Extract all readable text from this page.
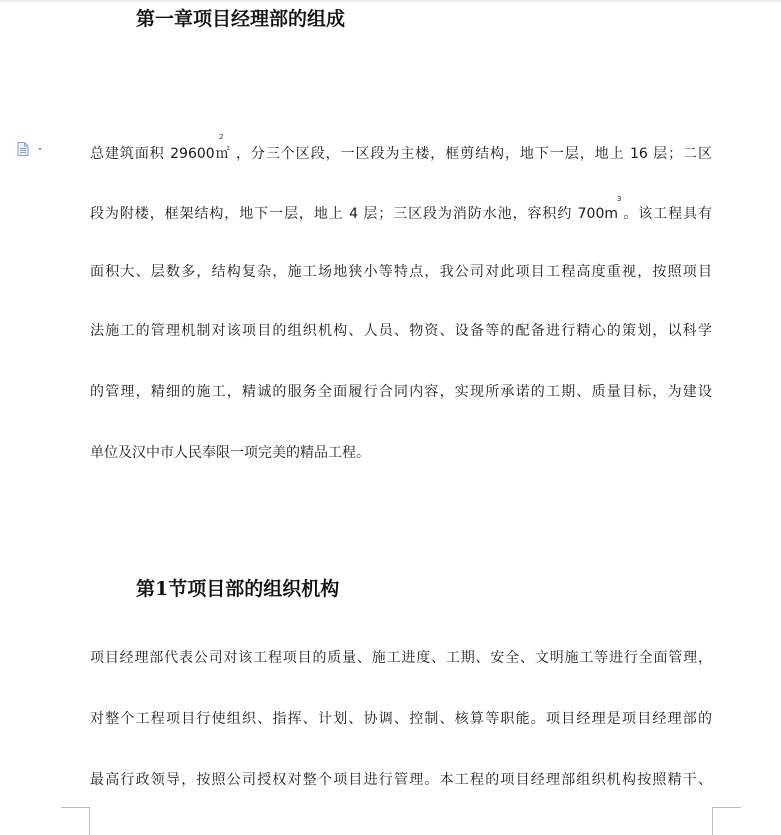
第一章项目经理部的组成
2
3

总建筑面积 29600㎡ ，分三个区段，一区段为主楼，框剪结构，地下一层，地上 16 层；二区

段为附楼，框架结构，地下一层，地上 4 层；三区段为消防水池，容积约 700m 。该工程具有

面积大、层数多，结构复杂，施工场地狭小等特点，我公司对此项目工程高度重视，按照项目

法施工的管理机制对该项目的组织机构、人员、物资、设备等的配备进行精心的策划，以科学

的管理，精细的施工，精诚的服务全面履行合同内容，实现所承诺的工期、质量目标，为建设

单位及汉中市人民奉限一项完美的精品工程。

第1节项目部的组织机构

项目经理部代表公司对该工程项目的质量、施工进度、工期、安全、文明施工等进行全面管理，

对整个工程项目行使组织、指挥、计划、协调、控制、核算等职能。项目经理是项目经理部的

最高行政领导，按照公司授权对整个项目进行管理。本工程的项目经理部组织机构按照精干、
